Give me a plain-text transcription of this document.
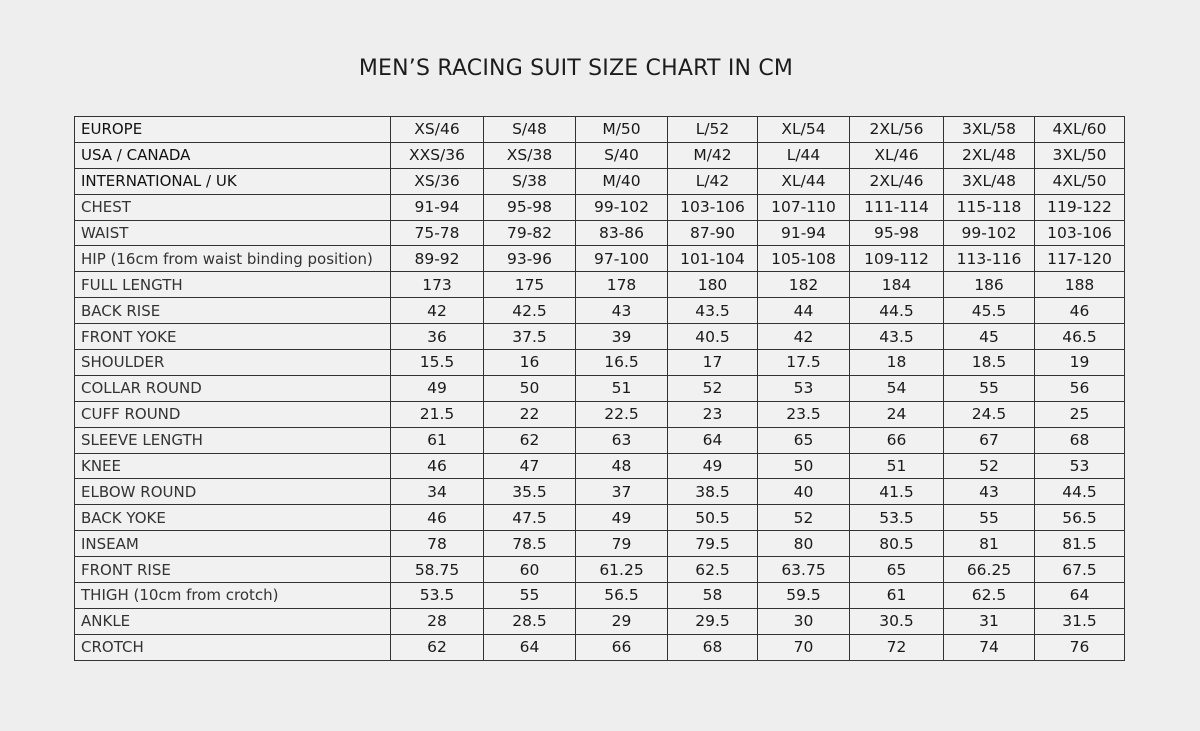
MEN’S RACING SUIT SIZE CHART IN CM
EUROPE	XS/46	S/48	M/50	L/52	XL/54	2XL/56	3XL/58	4XL/60
USA / CANADA	XXS/36	XS/38	S/40	M/42	L/44	XL/46	2XL/48	3XL/50
INTERNATIONAL / UK	XS/36	S/38	M/40	L/42	XL/44	2XL/46	3XL/48	4XL/50
CHEST	91-94	95-98	99-102	103-106	107-110	111-114	115-118	119-122
WAIST	75-78	79-82	83-86	87-90	91-94	95-98	99-102	103-106
HIP (16cm from waist binding position)	89-92	93-96	97-100	101-104	105-108	109-112	113-116	117-120
FULL LENGTH	173	175	178	180	182	184	186	188
BACK RISE	42	42.5	43	43.5	44	44.5	45.5	46
FRONT YOKE	36	37.5	39	40.5	42	43.5	45	46.5
SHOULDER	15.5	16	16.5	17	17.5	18	18.5	19
COLLAR ROUND	49	50	51	52	53	54	55	56
CUFF ROUND	21.5	22	22.5	23	23.5	24	24.5	25
SLEEVE LENGTH	61	62	63	64	65	66	67	68
KNEE	46	47	48	49	50	51	52	53
ELBOW ROUND	34	35.5	37	38.5	40	41.5	43	44.5
BACK YOKE	46	47.5	49	50.5	52	53.5	55	56.5
INSEAM	78	78.5	79	79.5	80	80.5	81	81.5
FRONT RISE	58.75	60	61.25	62.5	63.75	65	66.25	67.5
THIGH (10cm from crotch)	53.5	55	56.5	58	59.5	61	62.5	64
ANKLE	28	28.5	29	29.5	30	30.5	31	31.5
CROTCH	62	64	66	68	70	72	74	76
